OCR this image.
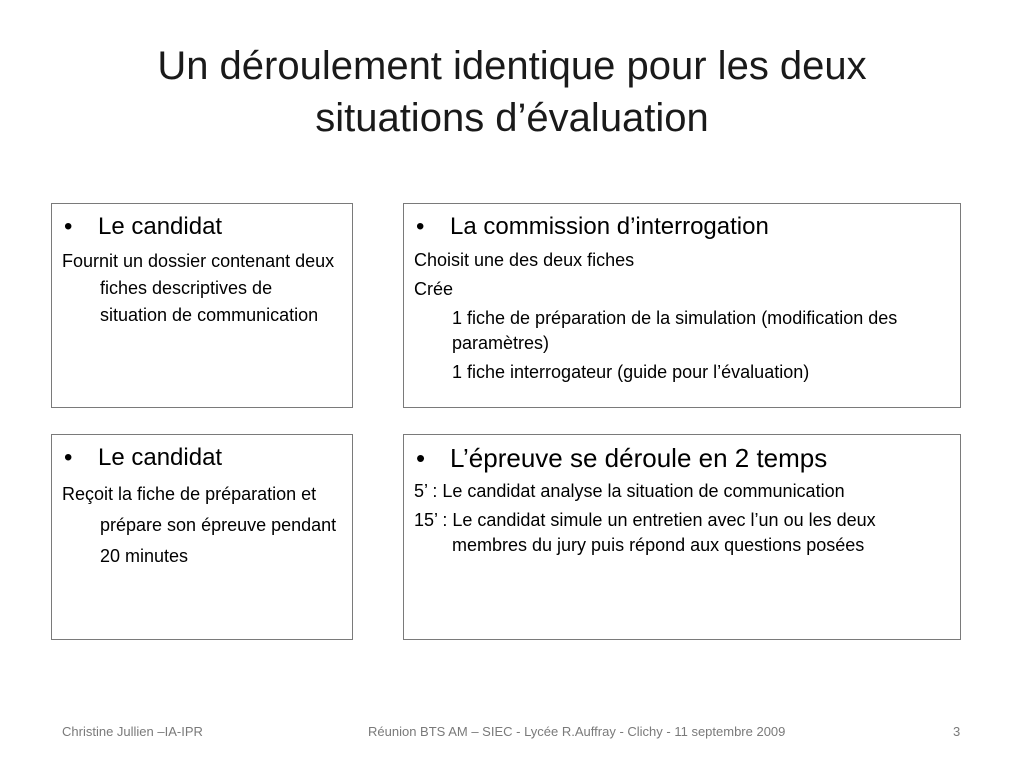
Un déroulement identique pour les deux
situations d’évaluation
• Le candidat

Fournit un dossier contenant deux fiches descriptives de situation de communication

• La commission d’interrogation

Choisit une des deux fiches

Crée

1 fiche de préparation de la simulation (modification des paramètres)

1 fiche interrogateur (guide pour l’évaluation)

• Le candidat

Reçoit la fiche de préparation et prépare son épreuve pendant 20 minutes

• L’épreuve se déroule en 2 temps

5’ : Le candidat analyse la situation de communication

15’ : Le candidat simule un entretien avec l’un ou les deux membres du jury puis répond aux questions posées

Christine Jullien –IA-IPR	Réunion BTS AM – SIEC - Lycée R.Auffray - Clichy - 11 septembre 2009	3
